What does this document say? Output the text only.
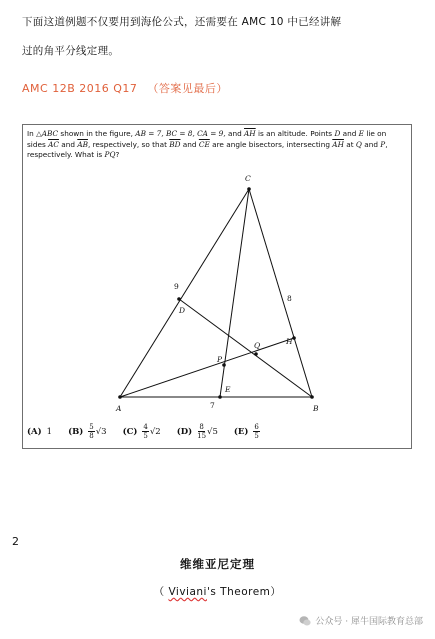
下面这道例题不仅要用到海伦公式，还需要在 AMC 10 中已经讲解

过的角平分线定理。

AMC 12B 2016 Q17 （答案见最后）
In △ABC shown in the figure, AB = 7, BC = 8, CA = 9, and $\overline{AH}$ is an altitude. Points D and E lie on sides $\overline{AC}$ and $\overline{AB}$, respectively, so that $\overline{BD}$ and $\overline{CE}$ are angle bisectors, intersecting $\overline{AH}$ at Q and P, respectively. What is PQ?
C
A	B
D
E
H
P
Q
9
8
7
(A) 1 $(B) \frac{5}{8} √3$ $(C) \frac{4}{5} √2$ $(D) \frac{8}{15} √5$ $(E) \frac{6}{5}$
2
维维亚尼定理
（ Viviani's Theorem）
公众号 · 犀牛国际教育总部
